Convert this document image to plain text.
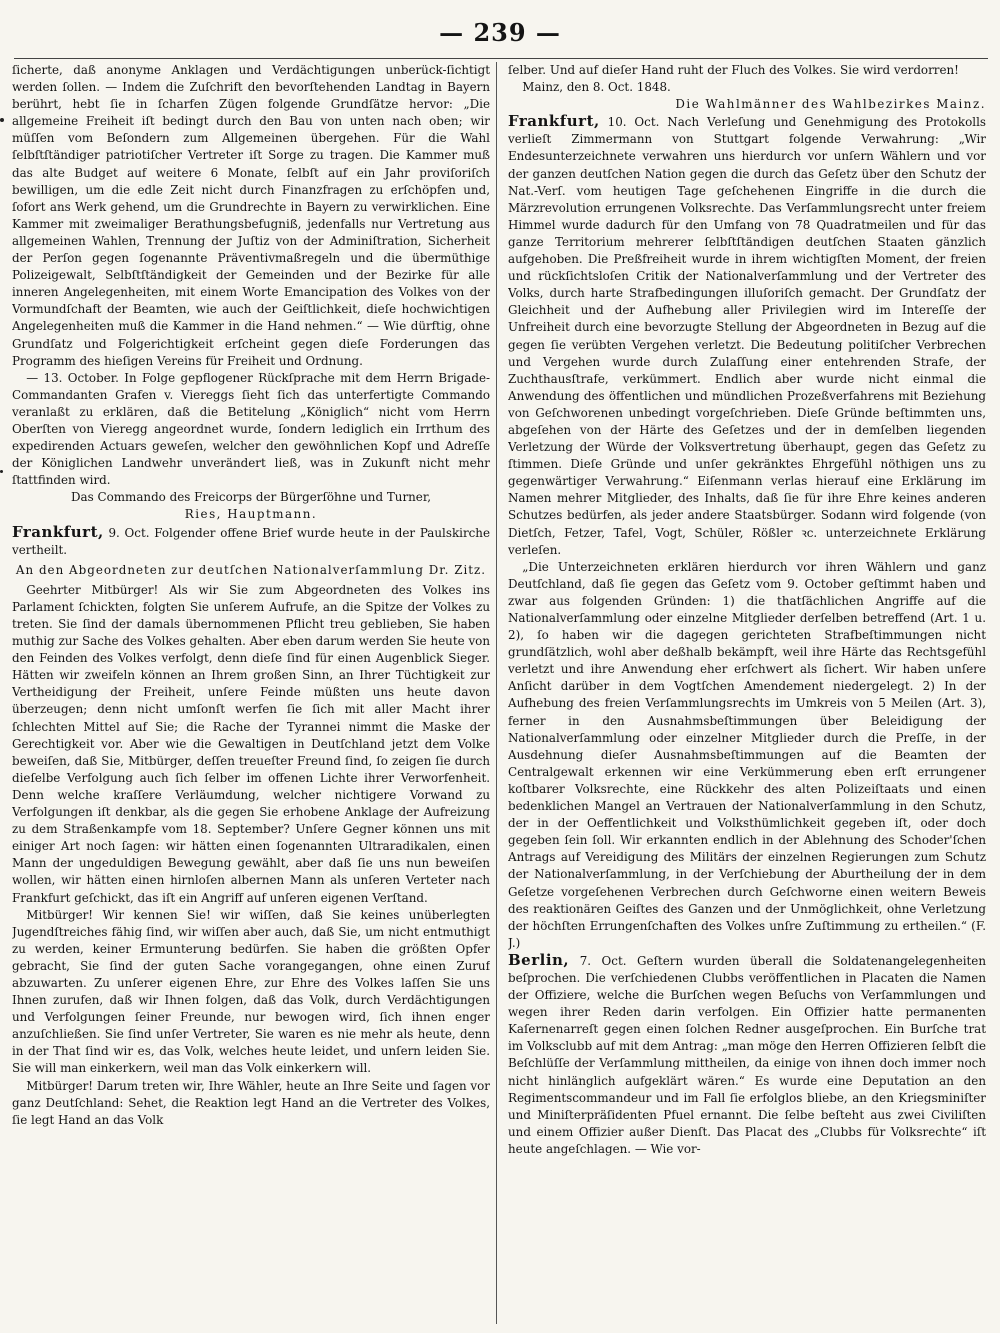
— 239 —

ſicherte, daß anonyme Anklagen und Verdächtigungen unberück-ſichtigt werden ſollen. — Indem die Zuſchrift den bevorſtehenden Landtag in Bayern berührt, hebt ſie in ſcharfen Zügen folgende Grundſätze hervor: „Die allgemeine Freiheit iſt bedingt durch den Bau von unten nach oben; wir müſſen vom Beſondern zum Allgemeinen übergehen. Für die Wahl ſelbſtſtändiger patriotiſcher Vertreter iſt Sorge zu tragen. Die Kammer muß das alte Budget auf weitere 6 Monate, ſelbſt auf ein Jahr proviſoriſch bewilligen, um die edle Zeit nicht durch Finanzfragen zu erſchöpfen und, ſofort ans Werk gehend, um die Grundrechte in Bayern zu verwirklichen. Eine Kammer mit zweimaliger Berathungsbefugniß, jedenfalls nur Vertretung aus allgemeinen Wahlen, Trennung der Juſtiz von der Adminiſtration, Sicherheit der Perſon gegen ſogenannte Präventivmaßregeln und die übermüthige Polizeigewalt, Selbſtſtändigkeit der Gemeinden und der Bezirke für alle inneren Angelegenheiten, mit einem Worte Emancipation des Volkes von der Vormundſchaft der Beamten, wie auch der Geiſtlichkeit, dieſe hochwichtigen Angelegenheiten muß die Kammer in die Hand nehmen.“ — Wie dürftig, ohne Grundſatz und Folgerichtigkeit erſcheint gegen dieſe Forderungen das Programm des hieſigen Vereins für Freiheit und Ordnung.

— 13. October. In Folge gepflogener Rückſprache mit dem Herrn Brigade-Commandanten Grafen v. Viereggs ſieht ſich das unterfertigte Commando veranlaßt zu erklären, daß die Betitelung „Königlich“ nicht vom Herrn Oberſten von Vieregg angeordnet wurde, ſondern lediglich ein Irrthum des expedirenden Actuars geweſen, welcher den gewöhnlichen Kopf und Adreſſe der Königlichen Landwehr unverändert ließ, was in Zukunft nicht mehr ſtattfinden wird.

Das Commando des Freicorps der Bürgerſöhne und Turner,

Ries, Hauptmann.

Frankfurt, 9. Oct. Folgender offene Brief wurde heute in der Paulskirche vertheilt.

An den Abgeordneten zur deutſchen Nationalverſammlung Dr. Zitz.

Geehrter Mitbürger! Als wir Sie zum Abgeordneten des Volkes ins Parlament ſchickten, folgten Sie unſerem Aufrufe, an die Spitze der Volkes zu treten. Sie ſind der damals übernommenen Pflicht treu geblieben, Sie haben muthig zur Sache des Volkes gehalten. Aber eben darum werden Sie heute von den Feinden des Volkes verfolgt, denn dieſe ſind für einen Augenblick Sieger. Hätten wir zweifeln können an Ihrem großen Sinn, an Ihrer Tüchtigkeit zur Vertheidigung der Freiheit, unſere Feinde müßten uns heute davon überzeugen; denn nicht umſonſt werfen ſie ſich mit aller Macht ihrer ſchlechten Mittel auf Sie; die Rache der Tyrannei nimmt die Maske der Gerechtigkeit vor. Aber wie die Gewaltigen in Deutſchland jetzt dem Volke beweiſen, daß Sie, Mitbürger, deſſen treueſter Freund ſind, ſo zeigen ſie durch dieſelbe Verfolgung auch ſich ſelber im offenen Lichte ihrer Verworfenheit. Denn welche kraſſere Verläumdung, welcher nichtigere Vorwand zu Verfolgungen iſt denkbar, als die gegen Sie erhobene Anklage der Aufreizung zu dem Straßenkampfe vom 18. September? Unſere Gegner können uns mit einiger Art noch ſagen: wir hätten einen ſogenannten Ultraradikalen, einen Mann der ungeduldigen Bewegung gewählt, aber daß ſie uns nun beweiſen wollen, wir hätten einen hirnloſen albernen Mann als unſeren Verteter nach Frankfurt geſchickt, das iſt ein Angriff auf unſeren eigenen Verſtand.

Mitbürger! Wir kennen Sie! wir wiſſen, daß Sie keines unüberlegten Jugendſtreiches fähig ſind, wir wiſſen aber auch, daß Sie, um nicht entmuthigt zu werden, keiner Ermunterung bedürfen. Sie haben die größten Opfer gebracht, Sie ſind der guten Sache vorangegangen, ohne einen Zuruf abzuwarten. Zu unſerer eigenen Ehre, zur Ehre des Volkes laſſen Sie uns Ihnen zurufen, daß wir Ihnen folgen, daß das Volk, durch Verdächtigungen und Verfolgungen ſeiner Freunde, nur bewogen wird, ſich ihnen enger anzuſchließen. Sie ſind unſer Vertreter, Sie waren es nie mehr als heute, denn in der That ſind wir es, das Volk, welches heute leidet, und unſern leiden Sie. Sie will man einkerkern, weil man das Volk einkerkern will.

Mitbürger! Darum treten wir, Ihre Wähler, heute an Ihre Seite und ſagen vor ganz Deutſchland: Sehet, die Reaktion legt Hand an die Vertreter des Volkes, ſie legt Hand an das Volk

ſelber. Und auf dieſer Hand ruht der Fluch des Volkes. Sie wird verdorren!

Mainz, den 8. Oct. 1848.

Die Wahlmänner des Wahlbezirkes Mainz.

Frankfurt, 10. Oct. Nach Verleſung und Genehmigung des Protokolls verlieſt Zimmermann von Stuttgart folgende Verwahrung: „Wir Endesunterzeichnete verwahren uns hierdurch vor unſern Wählern und vor der ganzen deutſchen Nation gegen die durch das Geſetz über den Schutz der Nat.-Verſ. vom heutigen Tage geſchehenen Eingriffe in die durch die Märzrevolution errungenen Volksrechte. Das Verſammlungsrecht unter freiem Himmel wurde dadurch für den Umfang von 78 Quadratmeilen und für das ganze Territorium mehrerer ſelbſtſtändigen deutſchen Staaten gänzlich aufgehoben. Die Preßfreiheit wurde in ihrem wichtigſten Moment, der freien und rückſichtsloſen Critik der Nationalverſammlung und der Vertreter des Volks, durch harte Strafbedingungen illuſoriſch gemacht. Der Grundſatz der Gleichheit und der Aufhebung aller Privilegien wird im Intereſſe der Unfreiheit durch eine bevorzugte Stellung der Abgeordneten in Bezug auf die gegen ſie verübten Vergehen verletzt. Die Bedeutung politiſcher Verbrechen und Vergehen wurde durch Zulaſſung einer entehrenden Strafe, der Zuchthausſtrafe, verkümmert. Endlich aber wurde nicht einmal die Anwendung des öffentlichen und mündlichen Prozeßverfahrens mit Beziehung von Geſchworenen unbedingt vorgeſchrieben. Dieſe Gründe beſtimmten uns, abgeſehen von der Härte des Geſetzes und der in demſelben liegenden Verletzung der Würde der Volksvertretung überhaupt, gegen das Geſetz zu ſtimmen. Dieſe Gründe und unſer gekränktes Ehrgefühl nöthigen uns zu gegenwärtiger Verwahrung.“ Eiſenmann verlas hierauf eine Erklärung im Namen mehrer Mitglieder, des Inhalts, daß ſie für ihre Ehre keines anderen Schutzes bedürfen, als jeder andere Staatsbürger. Sodann wird folgende (von Dietſch, Fetzer, Tafel, Vogt, Schüler, Rößler ꝛc. unterzeichnete Erklärung verleſen.

„Die Unterzeichneten erklären hierdurch vor ihren Wählern und ganz Deutſchland, daß ſie gegen das Geſetz vom 9. October geſtimmt haben und zwar aus folgenden Gründen: 1) die thatſächlichen Angriffe auf die Nationalverſammlung oder einzelne Mitglieder derſelben betreffend (Art. 1 u. 2), ſo haben wir die dagegen gerichteten Strafbeſtimmungen nicht grundſätzlich, wohl aber deßhalb bekämpft, weil ihre Härte das Rechtsgefühl verletzt und ihre Anwendung eher erſchwert als ſichert. Wir haben unſere Anſicht darüber in dem Vogtſchen Amendement niedergelegt. 2) In der Aufhebung des freien Verſammlungsrechts im Umkreis von 5 Meilen (Art. 3), ferner in den Ausnahmsbeſtimmungen über Beleidigung der Nationalverſammlung oder einzelner Mitglieder durch die Preſſe, in der Ausdehnung dieſer Ausnahmsbeſtimmungen auf die Beamten der Centralgewalt erkennen wir eine Verkümmerung eben erſt errungener koſtbarer Volksrechte, eine Rückkehr des alten Polizeiſtaats und einen bedenklichen Mangel an Vertrauen der Nationalverſammlung in den Schutz, der in der Oeffentlichkeit und Volksthümlichkeit gegeben iſt, oder doch gegeben ſein ſoll. Wir erkannten endlich in der Ablehnung des Schoder'ſchen Antrags auf Vereidigung des Militärs der einzelnen Regierungen zum Schutz der Nationalverſammlung, in der Verſchiebung der Aburtheilung der in dem Geſetze vorgeſehenen Verbrechen durch Geſchworne einen weitern Beweis des reaktionären Geiſtes des Ganzen und der Unmöglichkeit, ohne Verletzung der höchſten Errungenſchaften des Volkes unſre Zuſtimmung zu ertheilen.“ (F. J.)

Berlin, 7. Oct. Geſtern wurden überall die Soldatenangelegenheiten beſprochen. Die verſchiedenen Clubbs veröffentlichen in Placaten die Namen der Offiziere, welche die Burſchen wegen Beſuchs von Verſammlungen und wegen ihrer Reden darin verfolgen. Ein Offizier hatte permanenten Kaſernenarreſt gegen einen ſolchen Redner ausgeſprochen. Ein Burſche trat im Volksclubb auf mit dem Antrag: „man möge den Herren Offizieren ſelbſt die Beſchlüſſe der Verſammlung mittheilen, da einige von ihnen doch immer noch nicht hinlänglich aufgeklärt wären.“ Es wurde eine Deputation an den Regimentscommandeur und im Fall ſie erfolglos bliebe, an den Kriegsminiſter und Miniſterpräſidenten Pfuel ernannt. Die ſelbe beſteht aus zwei Civiliſten und einem Offizier außer Dienſt. Das Placat des „Clubbs für Volksrechte“ iſt heute angeſchlagen. — Wie vor-
